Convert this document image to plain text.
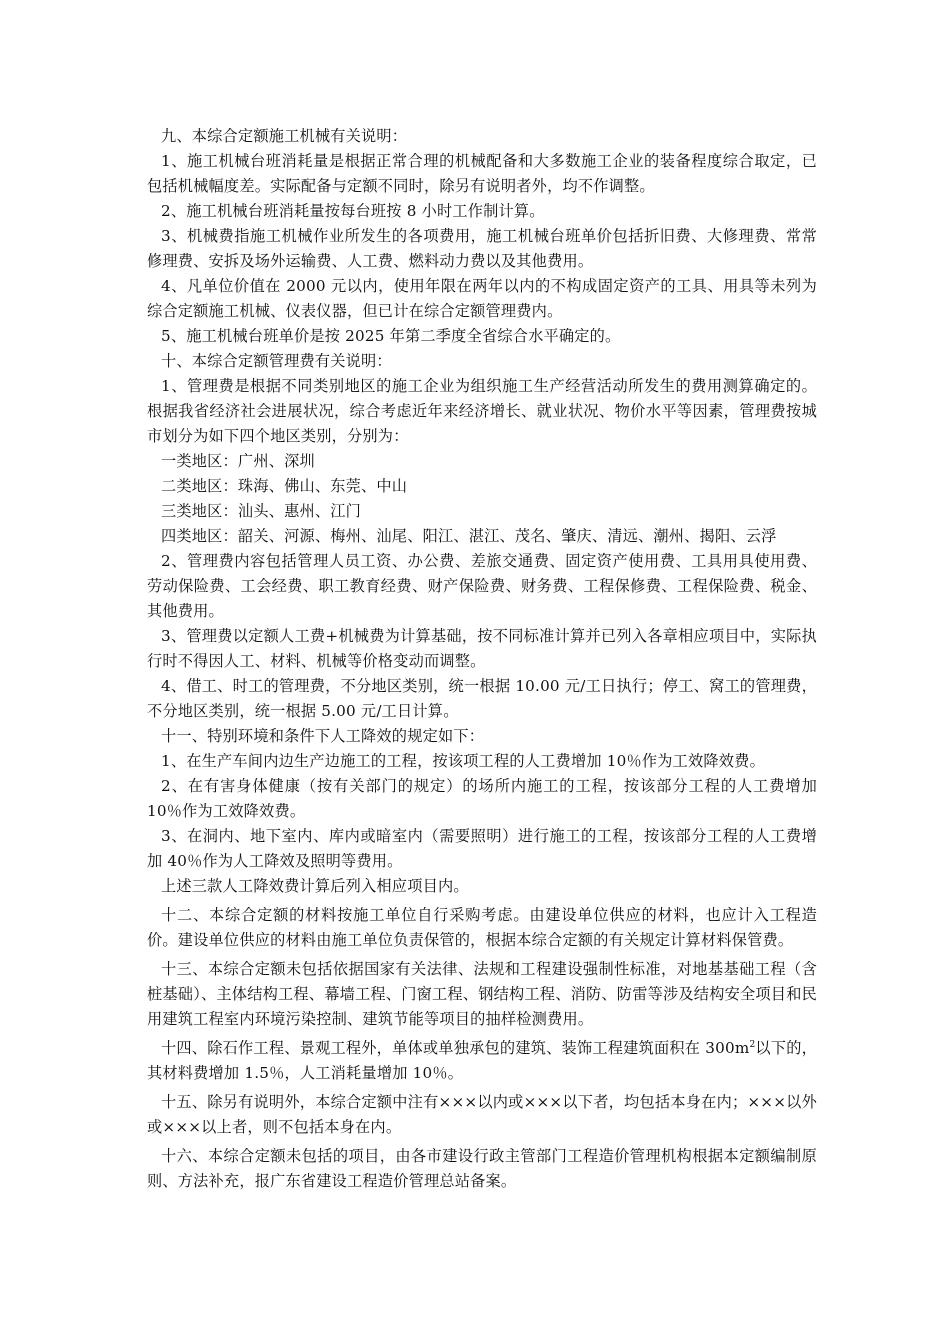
九、本综合定额施工机械有关说明：

1、施工机械台班消耗量是根据正常合理的机械配备和大多数施工企业的装备程度综合取定，已包括机械幅度差。实际配备与定额不同时，除另有说明者外，均不作调整。

2、施工机械台班消耗量按每台班按 8 小时工作制计算。

3、机械费指施工机械作业所发生的各项费用，施工机械台班单价包括折旧费、大修理费、常常修理费、安拆及场外运输费、人工费、燃料动力费以及其他费用。

4、凡单位价值在 2000 元以内，使用年限在两年以内的不构成固定资产的工具、用具等未列为综合定额施工机械、仪表仪器，但已计在综合定额管理费内。

5、施工机械台班单价是按 2025 年第二季度全省综合水平确定的。

十、本综合定额管理费有关说明：

1、管理费是根据不同类别地区的施工企业为组织施工生产经营活动所发生的费用测算确定的。根据我省经济社会进展状况，综合考虑近年来经济增长、就业状况、物价水平等因素，管理费按城市划分为如下四个地区类别，分别为：

一类地区：广州、深圳

二类地区：珠海、佛山、东莞、中山

三类地区：汕头、惠州、江门

四类地区：韶关、河源、梅州、汕尾、阳江、湛江、茂名、肇庆、清远、潮州、揭阳、云浮

2、管理费内容包括管理人员工资、办公费、差旅交通费、固定资产使用费、工具用具使用费、劳动保险费、工会经费、职工教育经费、财产保险费、财务费、工程保修费、工程保险费、税金、其他费用。

3、管理费以定额人工费+机械费为计算基础，按不同标准计算并已列入各章相应项目中，实际执行时不得因人工、材料、机械等价格变动而调整。

4、借工、时工的管理费，不分地区类别，统一根据 10.00 元/工日执行；停工、窝工的管理费，不分地区类别，统一根据 5.00 元/工日计算。

十一、特别环境和条件下人工降效的规定如下：

1、在生产车间内边生产边施工的工程，按该项工程的人工费增加 10％作为工效降效费。

2、在有害身体健康（按有关部门的规定）的场所内施工的工程，按该部分工程的人工费增加 10％作为工效降效费。

3、在洞内、地下室内、库内或暗室内（需要照明）进行施工的工程，按该部分工程的人工费增加 40％作为人工降效及照明等费用。

上述三款人工降效费计算后列入相应项目内。

十二、本综合定额的材料按施工单位自行采购考虑。由建设单位供应的材料，也应计入工程造价。建设单位供应的材料由施工单位负责保管的，根据本综合定额的有关规定计算材料保管费。

十三、本综合定额未包括依据国家有关法律、法规和工程建设强制性标准，对地基基础工程（含桩基础）、主体结构工程、幕墙工程、门窗工程、钢结构工程、消防、防雷等涉及结构安全项目和民用建筑工程室内环境污染控制、建筑节能等项目的抽样检测费用。

十四、除石作工程、景观工程外，单体或单独承包的建筑、装饰工程建筑面积在 $300m^2$以下的，其材料费增加 1.5％，人工消耗量增加 10％。

十五、除另有说明外，本综合定额中注有×××以内或×××以下者，均包括本身在内；×××以外或×××以上者，则不包括本身在内。

十六、本综合定额未包括的项目，由各市建设行政主管部门工程造价管理机构根据本定额编制原则、方法补充，报广东省建设工程造价管理总站备案。
